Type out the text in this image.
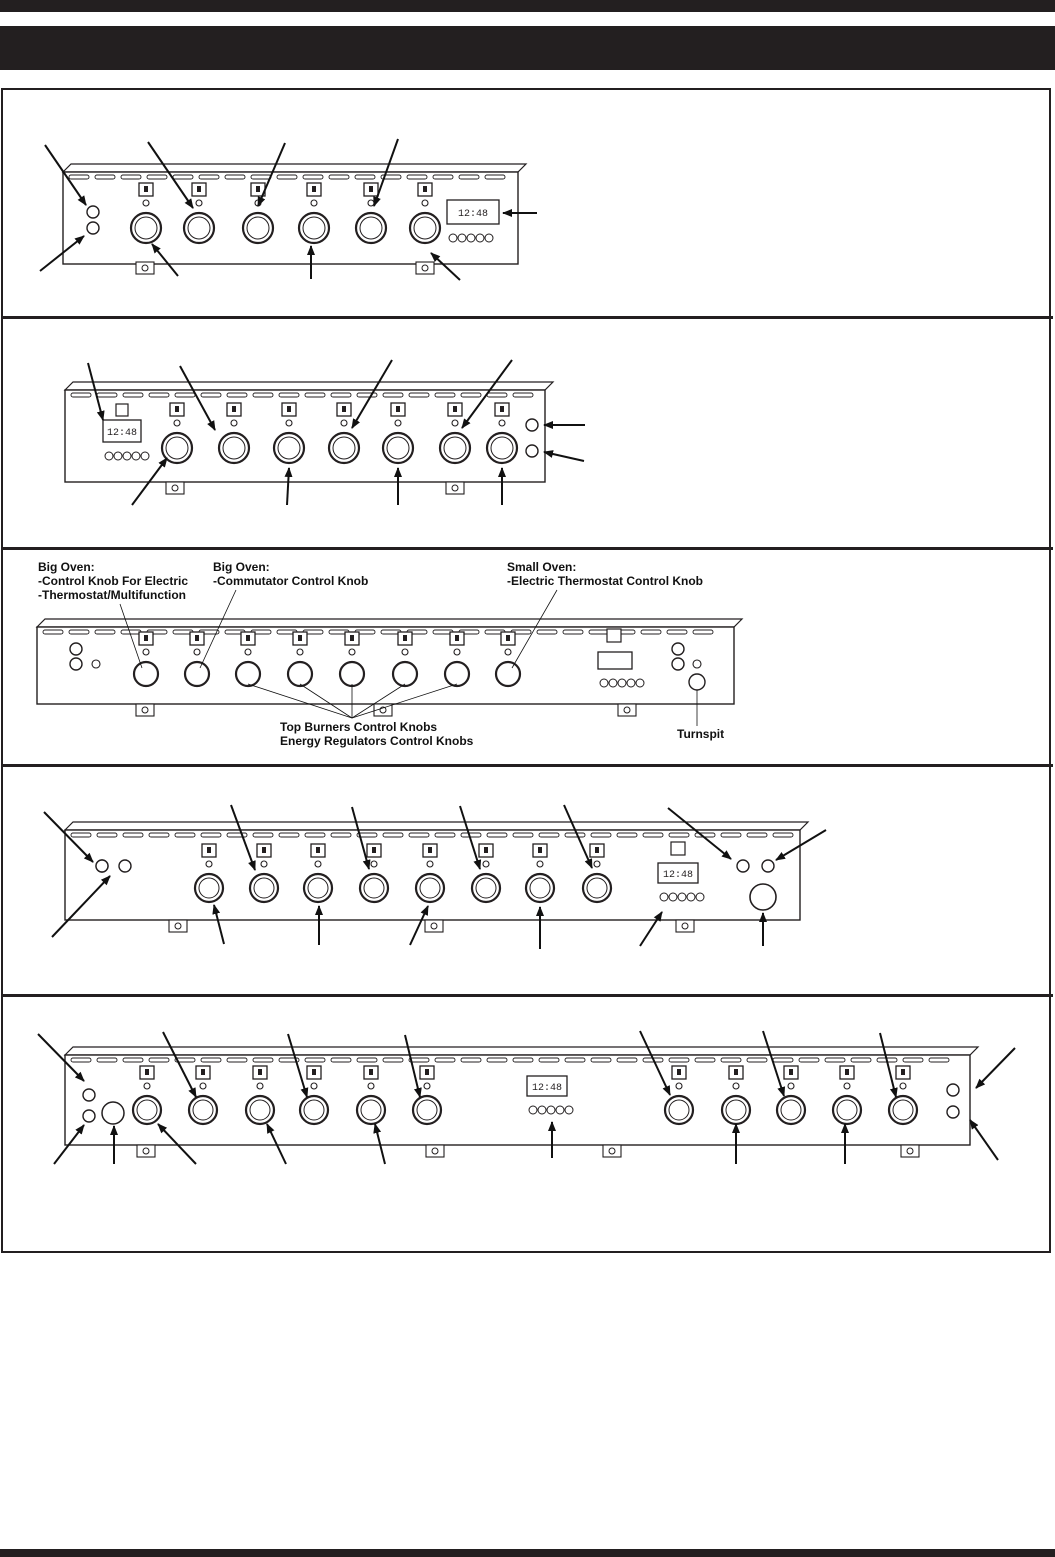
12:48
12:48
12:48
12:48
Big Oven:
-Control Knob For Electric
-Thermostat/Multifunction
Big Oven:
-Commutator Control Knob
Small Oven:
-Electric Thermostat Control Knob
Top Burners Control Knobs
Energy Regulators Control Knobs	Turnspit
